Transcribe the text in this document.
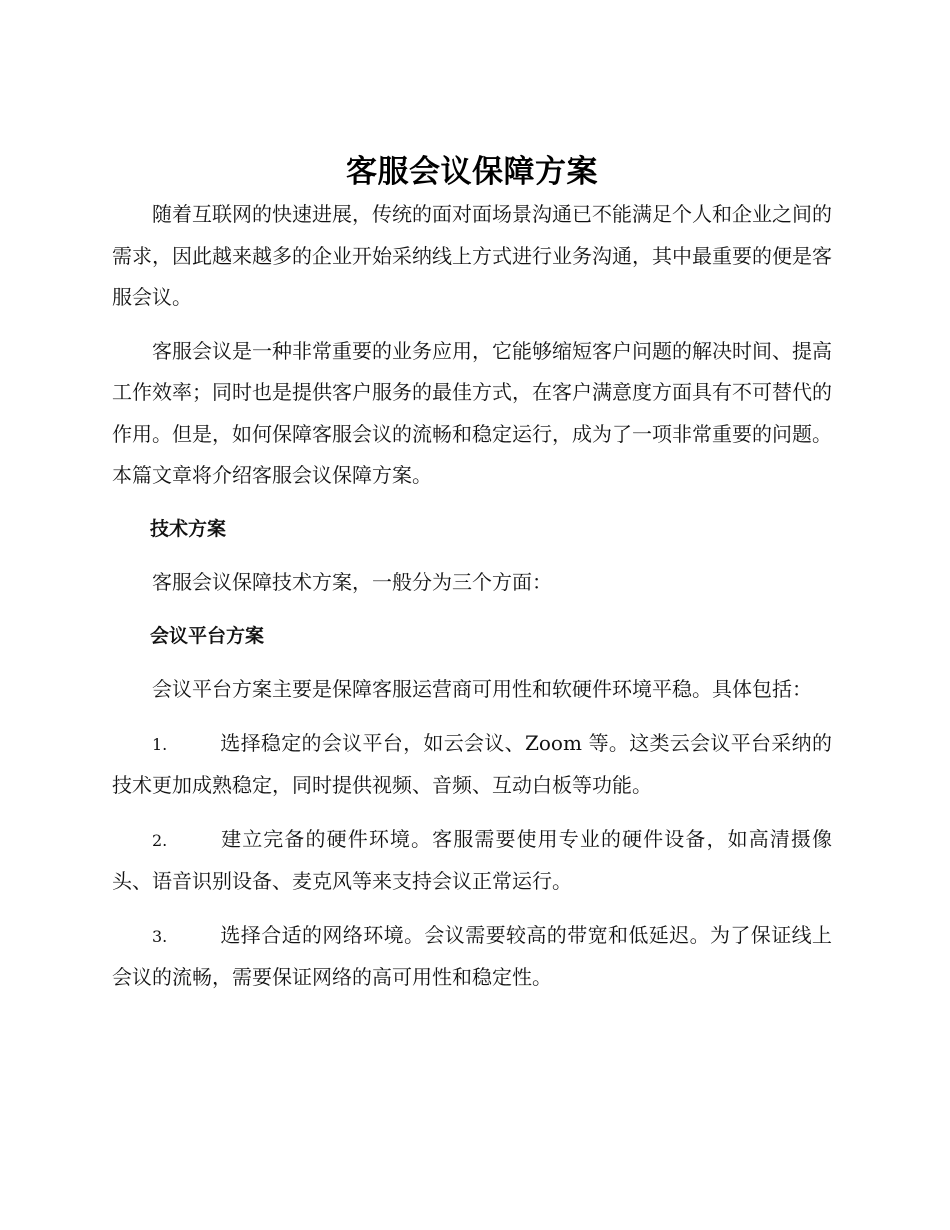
客服会议保障方案

随着互联网的快速进展，传统的面对面场景沟通已不能满足个人和企业之间的需求，因此越来越多的企业开始采纳线上方式进行业务沟通，其中最重要的便是客服会议。

客服会议是一种非常重要的业务应用，它能够缩短客户问题的解决时间、提高工作效率；同时也是提供客户服务的最佳方式，在客户满意度方面具有不可替代的作用。但是，如何保障客服会议的流畅和稳定运行，成为了一项非常重要的问题。本篇文章将介绍客服会议保障方案。

技术方案

客服会议保障技术方案，一般分为三个方面：

会议平台方案

会议平台方案主要是保障客服运营商可用性和软硬件环境平稳。具体包括：

1.	选择稳定的会议平台，如云会议、Zoom 等。这类云会议平台采纳的技术更加成熟稳定，同时提供视频、音频、互动白板等功能。

2.	建立完备的硬件环境。客服需要使用专业的硬件设备，如高清摄像头、语音识别设备、麦克风等来支持会议正常运行。

3.	选择合适的网络环境。会议需要较高的带宽和低延迟。为了保证线上会议的流畅，需要保证网络的高可用性和稳定性。
